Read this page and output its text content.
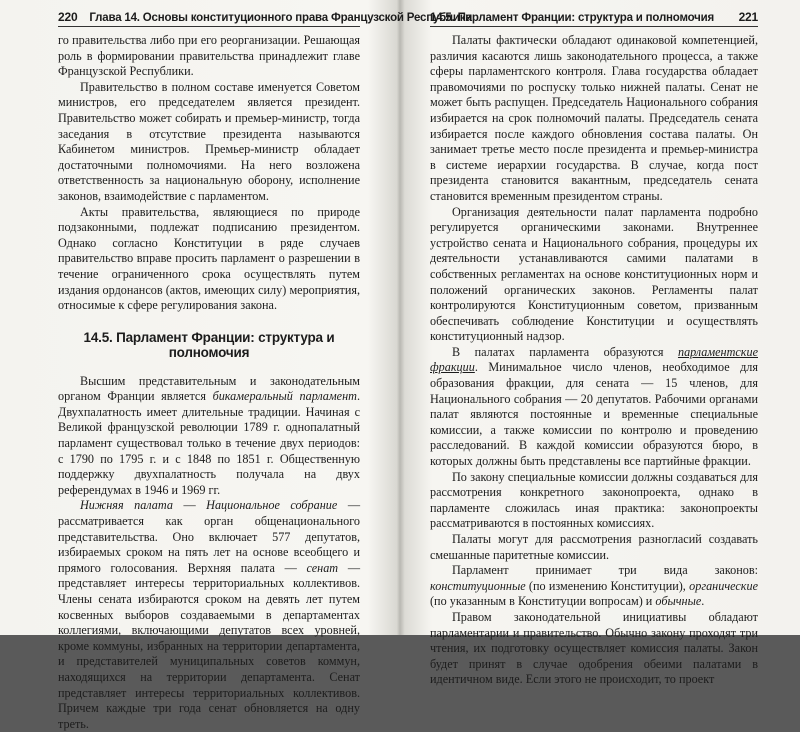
220 Глава 14. Основы конституционного права Французской Республики

го правительства либо при его реорганизации. Решающая роль в формировании правительства принадлежит главе Французской Республики.

Правительство в полном составе именуется Советом министров, его председателем является президент. Правительство может собирать и премьер-министр, тогда заседания в отсутствие президента называются Кабинетом министров. Премьер-министр обладает достаточными полномочиями. На него возложена ответственность за национальную оборону, исполнение законов, взаимодействие с парламентом.

Акты правительства, являющиеся по природе подзаконными, подлежат подписанию президентом. Однако согласно Конституции в ряде случаев правительство вправе просить парламент о разрешении в течение ограниченного срока осуществлять путем издания ордонансов (актов, имеющих силу) мероприятия, относимые к сфере регулирования закона.

14.5. Парламент Франции: структура и полномочия

Высшим представительным и законодательным органом Франции является бикамеральный парламент. Двухпалатность имеет длительные традиции. Начиная с Великой французской революции 1789 г. однопалатный парламент существовал только в течение двух периодов: с 1790 по 1795 г. и с 1848 по 1851 г. Общественную поддержку двухпалатность получала на двух референдумах в 1946 и 1969 гг.

Нижняя палата — Национальное собрание — рассматривается как орган общенационального представительства. Оно включает 577 депутатов, избираемых сроком на пять лет на основе всеобщего и прямого голосования. Верхняя палата — сенат — представляет интересы территориальных коллективов. Члены сената избираются сроком на девять лет путем косвенных выборов создаваемыми в департаментах коллегиями, включающими депутатов всех уровней, кроме коммуны, избранных на территории департамента, и представителей муниципальных советов коммун, находящихся на территории департамента. Сенат представляет интересы территориальных коллективов. Причем каждые три года сенат обновляется на одну треть.

14.5. Парламент Франции: структура и полномочия 221

Палаты фактически обладают одинаковой компетенцией, различия касаются лишь законодательного процесса, а также сферы парламентского контроля. Глава государства обладает правомочиями по роспуску только нижней палаты. Сенат не может быть распущен. Председатель Национального собрания избирается на срок полномочий палаты. Председатель сената избирается после каждого обновления состава палаты. Он занимает третье место после президента и премьер-министра в системе иерархии государства. В случае, когда пост президента становится вакантным, председатель сената становится временным президентом страны.

Организация деятельности палат парламента подробно регулируется органическими законами. Внутреннее устройство сената и Национального собрания, процедуры их деятельности устанавливаются самими палатами в собственных регламентах на основе конституционных норм и положений органических законов. Регламенты палат контролируются Конституционным советом, призванным обеспечивать соблюдение Конституции и осуществлять конституционный надзор.

В палатах парламента образуются парламентские фракции. Минимальное число членов, необходимое для образования фракции, для сената — 15 членов, для Национального собрания — 20 депутатов. Рабочими органами палат являются постоянные и временные специальные комиссии, а также комиссии по контролю и проведению расследований. В каждой комиссии образуются бюро, в которых должны быть представлены все партийные фракции.

По закону специальные комиссии должны создаваться для рассмотрения конкретного законопроекта, однако в парламенте сложилась иная практика: законопроекты рассматриваются в постоянных комиссиях.

Палаты могут для рассмотрения разногласий создавать смешанные паритетные комиссии.

Парламент принимает три вида законов: конституционные (по изменению Конституции), органические (по указанным в Конституции вопросам) и обычные.

Правом законодательной инициативы обладают парламентарии и правительство. Обычно закону проходят три чтения, их подготовку осуществляет комиссия палаты. Закон будет принят в случае одобрения обеими палатами в идентичном виде. Если этого не происходит, то проект
